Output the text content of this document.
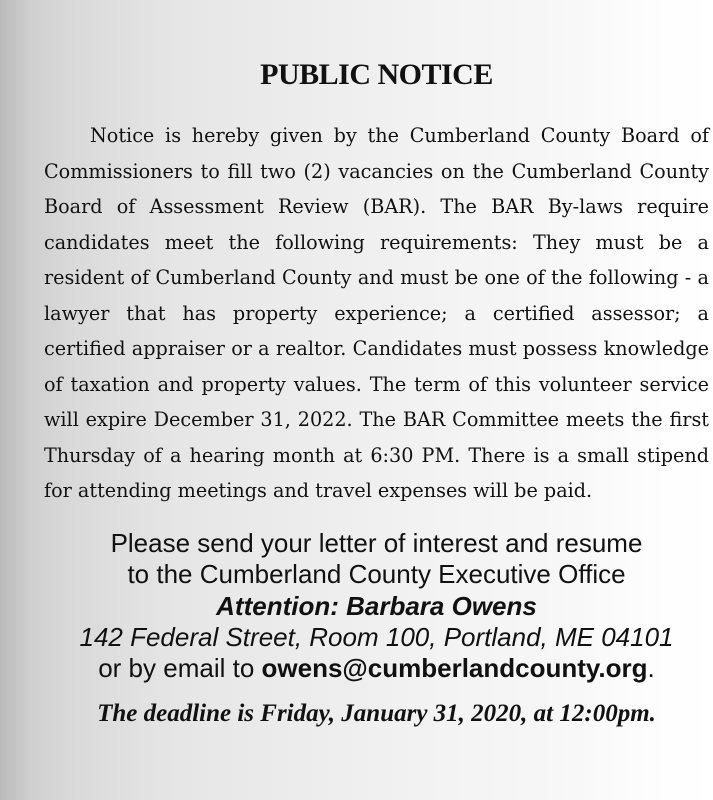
PUBLIC NOTICE

Notice is hereby given by the Cumberland County Board of Commissioners to fill two (2) vacancies on the Cumberland County Board of Assessment Review (BAR). The BAR By-laws require candidates meet the following requirements: They must be a resident of Cumberland County and must be one of the following - a lawyer that has property experience; a certified assessor; a certified appraiser or a realtor. Candidates must possess knowledge of taxation and property values. The term of this volunteer service will expire December 31, 2022. The BAR Committee meets the first Thursday of a hearing month at 6:30 PM. There is a small stipend for attending meetings and travel expenses will be paid.

Please send your letter of interest and resume
to the Cumberland County Executive Office
Attention: Barbara Owens
142 Federal Street, Room 100, Portland, ME 04101
or by email to owens@cumberlandcounty.org.
The deadline is Friday, January 31, 2020, at 12:00pm.
